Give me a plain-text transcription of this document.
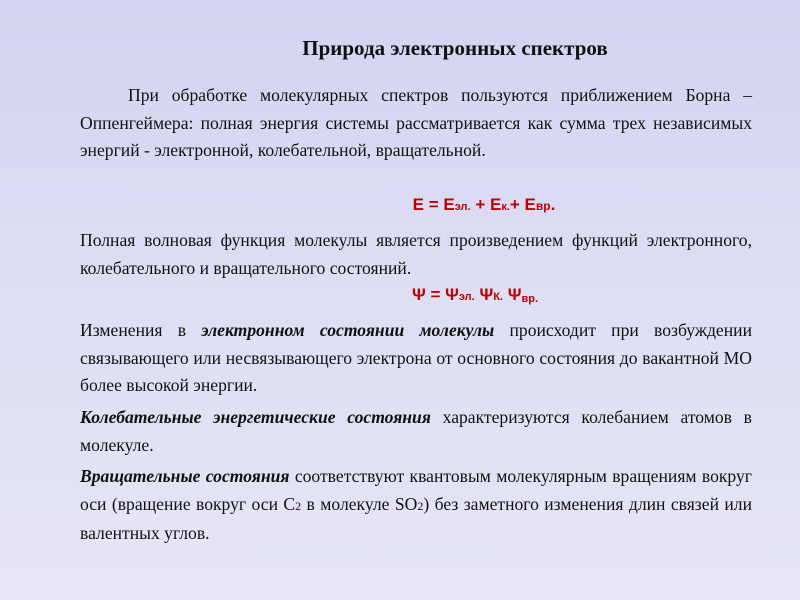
Природа электронных спектров
При обработке молекулярных спектров пользуются приближением Борна – Оппенгеймера: полная энергия системы рассматривается как сумма трех независимых энергий - электронной, колебательной, вращательной.
Е = Еэл. + Ек.+ Евр.
Полная волновая функция молекулы является произведением функций электронного, колебательного и вращательного состояний.
Ψ = Ψэл. ΨК. Ψвр.
Изменения в электронном состоянии молекулы происходит при возбуждении связывающего или несвязывающего электрона от основного состояния до вакантной МО более высокой энергии.
Колебательные энергетические состояния характеризуются колебанием атомов в молекуле.
Вращательные состояния соответствуют квантовым молекулярным вращениям вокруг оси (вращение вокруг оси С2 в молекуле SO2) без заметного изменения длин связей или валентных углов.
